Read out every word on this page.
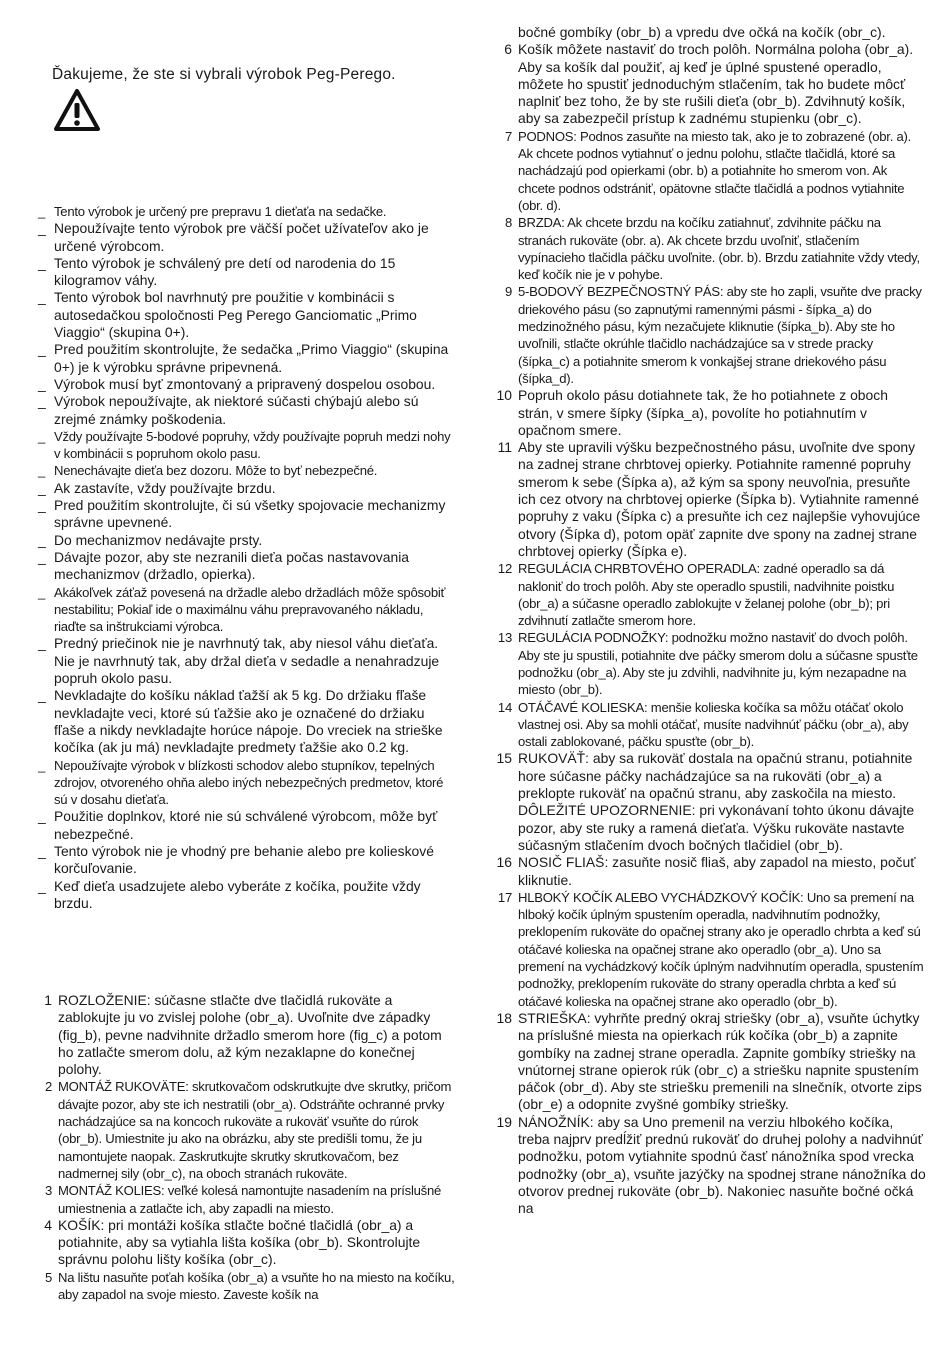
Ďakujeme, že ste si vybrali výrobok Peg-Perego.
_ Tento výrobok je určený pre prepravu 1 dieťaťa na sedačke.
_ Nepoužívajte tento výrobok pre väčší počet užívateľov ako je určené výrobcom.
_ Tento výrobok je schválený pre detí od narodenia do 15 kilogramov váhy.
_ Tento výrobok bol navrhnutý pre použitie v kombinácii s autosedačkou spoločnosti Peg Perego Ganciomatic „Primo Viaggio“ (skupina 0+).
_ Pred použitím skontrolujte, že sedačka „Primo Viaggio“ (skupina 0+) je k výrobku správne pripevnená.
_ Výrobok musí byť zmontovaný a pripravený dospelou osobou.
_ Výrobok nepoužívajte, ak niektoré súčasti chýbajú alebo sú zrejmé známky poškodenia.
_ Vždy používajte 5-bodové popruhy, vždy používajte popruh medzi nohy v kombinácii s popruhom okolo pasu.
_ Nenechávajte dieťa bez dozoru. Môže to byť nebezpečné.
_ Ak zastavíte, vždy používajte brzdu.
_ Pred použitím skontrolujte, či sú všetky spojovacie mechanizmy správne upevnené.
_ Do mechanizmov nedávajte prsty.
_ Dávajte pozor, aby ste nezranili dieťa počas nastavovania mechanizmov (držadlo, opierka).
_ Akákoľvek záťaž povesená na držadle alebo držadlách môže spôsobiť nestabilitu; Pokiaľ ide o maximálnu váhu prepravovaného nákladu, riaďte sa inštrukciami výrobca.
_ Predný priečinok nie je navrhnutý tak, aby niesol váhu dieťaťa. Nie je navrhnutý tak, aby držal dieťa v sedadle a nenahradzuje popruh okolo pasu.
_ Nevkladajte do košíku náklad ťažší ak 5 kg. Do držiaku fľaše nevkladajte veci, ktoré sú ťažšie ako je označené do držiaku fľaše a nikdy nevkladajte horúce nápoje. Do vreciek na strieške kočíka (ak ju má) nevkladajte predmety ťažšie ako 0.2 kg.
_ Nepoužívajte výrobok v blízkosti schodov alebo stupníkov, tepelných zdrojov, otvoreného ohňa alebo iných nebezpečných predmetov, ktoré sú v dosahu dieťaťa.
_ Použitie doplnkov, ktoré nie sú schválené výrobcom, môže byť nebezpečné.
_ Tento výrobok nie je vhodný pre behanie alebo pre kolieskové korčuľovanie.
_ Keď dieťa usadzujete alebo vyberáte z kočíka, použite vždy brzdu.
1 ROZLOŽENIE: súčasne stlačte dve tlačidlá rukoväte a zablokujte ju vo zvislej polohe (obr_a). Uvoľnite dve západky (fig_b), pevne nadvihnite držadlo smerom hore (fig_c) a potom ho zatlačte smerom dolu, až kým nezaklapne do konečnej polohy.
2 MONTÁŽ RUKOVÄTE: skrutkovačom odskrutkujte dve skrutky, pričom dávajte pozor, aby ste ich nestratili (obr_a). Odstráňte ochranné prvky nachádzajúce sa na koncoch rukoväte a rukoväť vsuňte do rúrok (obr_b). Umiestnite ju ako na obrázku, aby ste predišli tomu, že ju namontujete naopak. Zaskrutkujte skrutky skrutkovačom, bez nadmernej sily (obr_c), na oboch stranách rukoväte.
3 MONTÁŽ KOLIES: veľké kolesá namontujte nasadením na príslušné umiestnenia a zatlačte ich, aby zapadli na miesto.
4 KOŠÍK: pri montáži košíka stlačte bočné tlačidlá (obr_a) a potiahnite, aby sa vytiahla lišta košíka (obr_b). Skontrolujte správnu polohu lišty košíka (obr_c).
5 Na lištu nasuňte poťah košíka (obr_a) a vsuňte ho na miesto na kočíku, aby zapadol na svoje miesto. Zaveste košík na
bočné gombíky (obr_b) a vpredu dve očká na kočík (obr_c).
6 Košík môžete nastaviť do troch polôh. Normálna poloha (obr_a). Aby sa košík dal použiť, aj keď je úplné spustené operadlo, môžete ho spustiť jednoduchým stlačením, tak ho budete môcť naplniť bez toho, že by ste rušili dieťa (obr_b). Zdvihnutý košík, aby sa zabezpečil prístup k zadnému stupienku (obr_c).
7 PODNOS: Podnos zasuňte na miesto tak, ako je to zobrazené (obr. a). Ak chcete podnos vytiahnuť o jednu polohu, stlačte tlačidlá, ktoré sa nachádzajú pod opierkami (obr. b) a potiahnite ho smerom von. Ak chcete podnos odstrániť, opätovne stlačte tlačidlá a podnos vytiahnite (obr. d).
8 BRZDA: Ak chcete brzdu na kočíku zatiahnuť, zdvihnite páčku na stranách rukoväte (obr. a). Ak chcete brzdu uvoľniť, stlačením vypínacieho tlačidla páčku uvoľnite. (obr. b). Brzdu zatiahnite vždy vtedy, keď kočík nie je v pohybe.
9 5-BODOVÝ BEZPEČNOSTNÝ PÁS: aby ste ho zapli, vsuňte dve pracky driekového pásu (so zapnutými ramennými pásmi - šípka_a) do medzinožného pásu, kým nezačujete kliknutie (šípka_b). Aby ste ho uvoľnili, stlačte okrúhle tlačidlo nachádzajúce sa v strede pracky (šípka_c) a potiahnite smerom k vonkajšej strane driekového pásu (šípka_d).
10 Popruh okolo pásu dotiahnete tak, že ho potiahnete z oboch strán, v smere šípky (šípka_a), povolíte ho potiahnutím v opačnom smere.
11 Aby ste upravili výšku bezpečnostného pásu, uvoľnite dve spony na zadnej strane chrbtovej opierky. Potiahnite ramenné popruhy smerom k sebe (Šípka a), až kým sa spony neuvoľnia, presuňte ich cez otvory na chrbtovej opierke (Šípka b). Vytiahnite ramenné popruhy z vaku (Šípka c) a presuňte ich cez najlepšie vyhovujúce otvory (Šípka d), potom opäť zapnite dve spony na zadnej strane chrbtovej opierky (Šípka e).
12 REGULÁCIA CHRBTOVÉHO OPERADLA: zadné operadlo sa dá nakloniť do troch polôh. Aby ste operadlo spustili, nadvihnite poistku (obr_a) a súčasne operadlo zablokujte v želanej polohe (obr_b); pri zdvihnutí zatlačte smerom hore.
13 REGULÁCIA PODNOŽKY: podnožku možno nastaviť do dvoch polôh. Aby ste ju spustili, potiahnite dve páčky smerom dolu a súčasne spusťte podnožku (obr_a). Aby ste ju zdvihli, nadvihnite ju, kým nezapadne na miesto (obr_b).
14 OTÁČAVÉ KOLIESKA: menšie kolieska kočíka sa môžu otáčať okolo vlastnej osi. Aby sa mohli otáčať, musíte nadvihnúť páčku (obr_a), aby ostali zablokované, páčku spusťte (obr_b).
15 RUKOVÄŤ: aby sa rukoväť dostala na opačnú stranu, potiahnite hore súčasne páčky nachádzajúce sa na rukoväti (obr_a) a preklopte rukoväť na opačnú stranu, aby zaskočila na miesto. DÔLEŽITÉ UPOZORNENIE: pri vykonávaní tohto úkonu dávajte pozor, aby ste ruky a ramená dieťaťa. Výšku rukoväte nastavte súčasným stlačením dvoch bočných tlačidiel (obr_b).
16 NOSIČ FLIAŠ: zasuňte nosič fliaš, aby zapadol na miesto, počuť kliknutie.
17 HLBOKÝ KOČÍK ALEBO VYCHÁDZKOVÝ KOČÍK: Uno sa premení na hlboký kočík úplným spustením operadla, nadvihnutím podnožky, preklopením rukoväte do opačnej strany ako je operadlo chrbta a keď sú otáčavé kolieska na opačnej strane ako operadlo (obr_a). Uno sa premení na vychádzkový kočík úplným nadvihnutím operadla, spustením podnožky, preklopením rukoväte do strany operadla chrbta a keď sú otáčavé kolieska na opačnej strane ako operadlo (obr_b).
18 STRIEŠKA: vyhrňte predný okraj striešky (obr_a), vsuňte úchytky na príslušné miesta na opierkach rúk kočíka (obr_b) a zapnite gombíky na zadnej strane operadla. Zapnite gombíky striešky na vnútornej strane opierok rúk (obr_c) a striešku napnite spustením páčok (obr_d). Aby ste striešku premenili na slnečník, otvorte zips (obr_e) a odopnite zvyšné gombíky striešky.
19 NÁNOŽNÍK: aby sa Uno premenil na verziu hlbokého kočíka, treba najprv predĺžiť prednú rukoväť do druhej polohy a nadvihnúť podnožku, potom vytiahnite spodnú časť nánožníka spod vrecka podnožky (obr_a), vsuňte jazýčky na spodnej strane nánožníka do otvorov prednej rukoväte (obr_b). Nakoniec nasuňte bočné očká na
